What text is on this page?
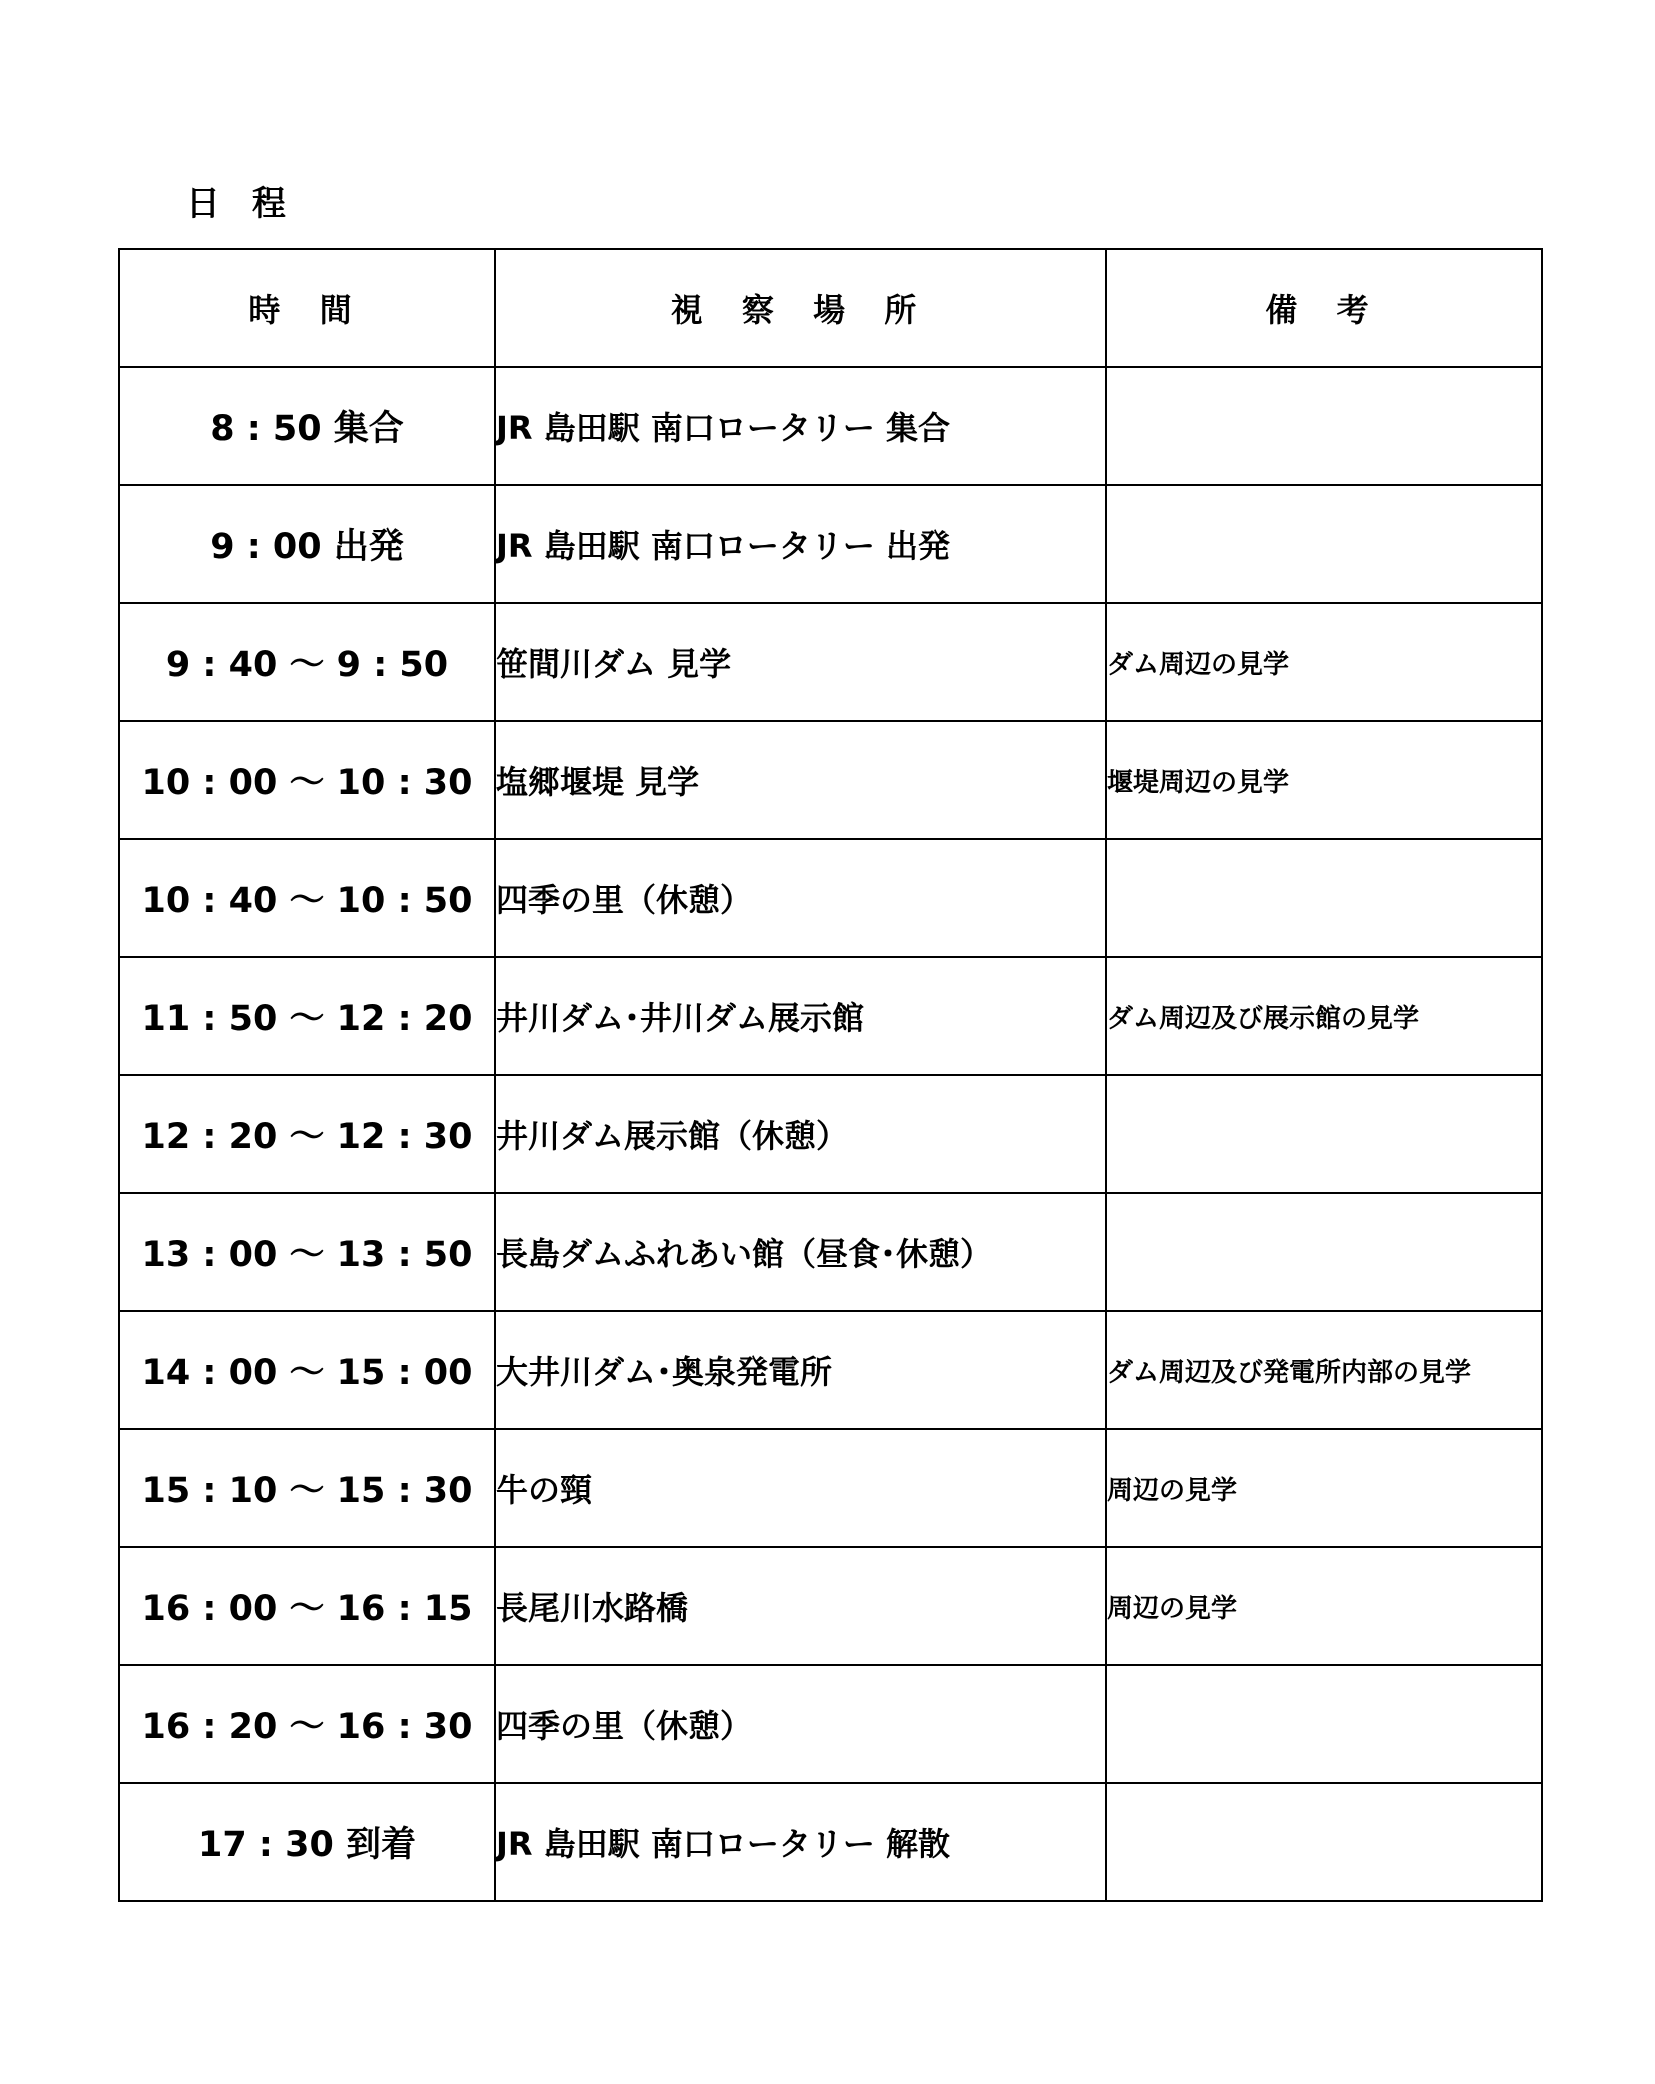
日 程
時 間	視 察 場 所	備 考
8 : 50 集合	JR 島田駅 南口ロータリー 集合	
9 : 00 出発	JR 島田駅 南口ロータリー 出発	
9 : 40 ～ 9 : 50	笹間川ダム 見学	ダム周辺の見学
10 : 00 ～ 10 : 30	塩郷堰堤 見学	堰堤周辺の見学
10 : 40 ～ 10 : 50	四季の里（休憩）	
11 : 50 ～ 12 : 20	井川ダム･井川ダム展示館	ダム周辺及び展示館の見学
12 : 20 ～ 12 : 30	井川ダム展示館（休憩）	
13 : 00 ～ 13 : 50	長島ダムふれあい館（昼食･休憩）	
14 : 00 ～ 15 : 00	大井川ダム･奥泉発電所	ダム周辺及び発電所内部の見学
15 : 10 ～ 15 : 30	牛の頸	周辺の見学
16 : 00 ～ 16 : 15	長尾川水路橋	周辺の見学
16 : 20 ～ 16 : 30	四季の里（休憩）	
17 : 30 到着	JR 島田駅 南口ロータリー 解散	
